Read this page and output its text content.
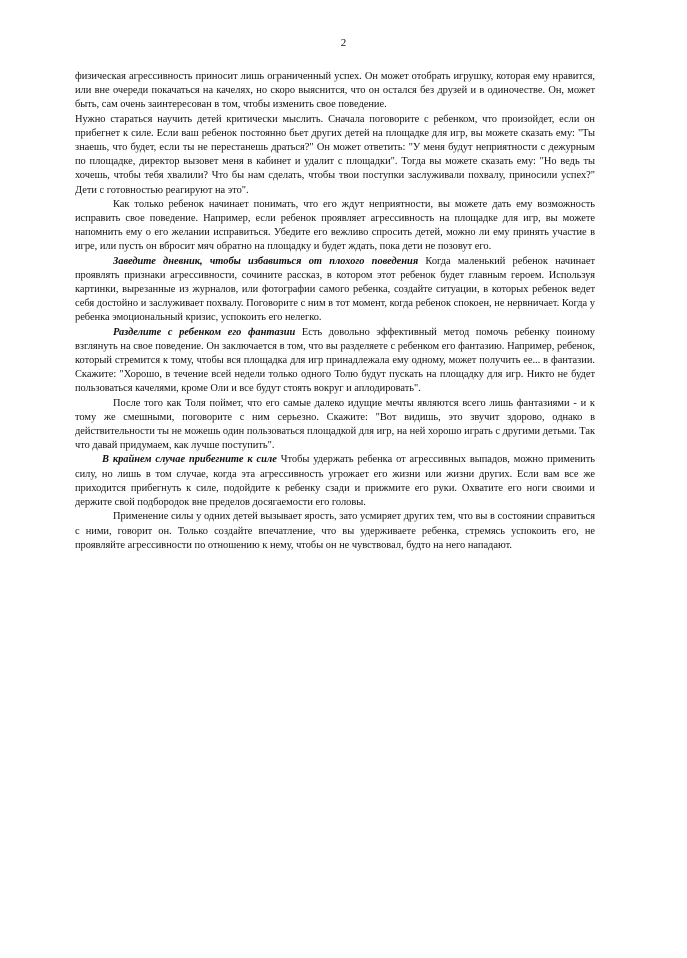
2

физическая агрессивность приносит лишь ограниченный успех. Он может отобрать игрушку, которая ему нравится, или вне очереди покачаться на качелях, но скоро выяснится, что он остался без друзей и в одиночестве. Он, может быть, сам очень заинтересован в том, чтобы изменить свое поведение.

Нужно стараться научить детей критически мыслить. Сначала поговорите с ребенком, что произойдет, если он прибегнет к силе. Если ваш ребенок постоянно бьет других детей на площадке для игр, вы можете сказать ему: "Ты знаешь, что будет, если ты не перестанешь драться?" Он может ответить: "У меня будут неприятности с дежурным по площадке, директор вызовет меня в кабинет и удалит с площадки". Тогда вы можете сказать ему: "Но ведь ты хочешь, чтобы тебя хвалили? Что бы нам сделать, чтобы твои поступки заслуживали похвалу, приносили успех?" Дети с готовностью реагируют на это".

Как только ребенок начинает понимать, что его ждут неприятности, вы можете дать ему возможность исправить свое поведение. Например, если ребенок проявляет агрессивность на площадке для игр, вы можете напомнить ему о его желании исправиться. Убедите его вежливо спросить детей, можно ли ему принять участие в игре, или пусть он вбросит мяч обратно на площадку и будет ждать, пока дети не позовут его.

Заведите дневник, чтобы избавиться от плохого поведения Когда маленький ребенок начинает проявлять признаки агрессивности, сочините рассказ, в котором этот ребенок будет главным героем. Используя картинки, вырезанные из журналов, или фотографии самого ребенка, создайте ситуации, в которых ребенок ведет себя достойно и заслуживает похвалу. Поговорите с ним в тот момент, когда ребенок спокоен, не нервничает. Когда у ребенка эмоциональный кризис, успокоить его нелегко.

Разделите с ребенком его фантазии Есть довольно эффективный метод помочь ребенку поиному взглянуть на свое поведение. Он заключается в том, что вы разделяете с ребенком его фантазию. Например, ребенок, который стремится к тому, чтобы вся площадка для игр принадлежала ему одному, может получить ее... в фантазии. Скажите: "Хорошо, в течение всей недели только одного Толю будут пускать на площадку для игр. Никто не будет пользоваться качелями, кроме Оли и все будут стоять вокруг и аплодировать".

После того как Толя поймет, что его самые далеко идущие мечты являются всего лишь фантазиями - и к тому же смешными, поговорите с ним серьезно. Скажите: "Вот видишь, это звучит здорово, однако в действительности ты не можешь один пользоваться площадкой для игр, на ней хорошо играть с другими детьми. Так что давай придумаем, как лучше поступить".

В крайнем случае прибегните к силе Чтобы удержать ребенка от агрессивных выпадов, можно применить силу, но лишь в том случае, когда эта агрессивность угрожает его жизни или жизни других. Если вам все же приходится прибегнуть к силе, подойдите к ребенку сзади и прижмите его руки. Охватите его ноги своими и держите свой подбородок вне пределов досягаемости его головы.

Применение силы у одних детей вызывает ярость, зато усмиряет других тем, что вы в состоянии справиться с ними, говорит он. Только создайте впечатление, что вы удерживаете ребенка, стремясь успокоить его, не проявляйте агрессивности по отношению к нему, чтобы он не чувствовал, будто на него нападают.
